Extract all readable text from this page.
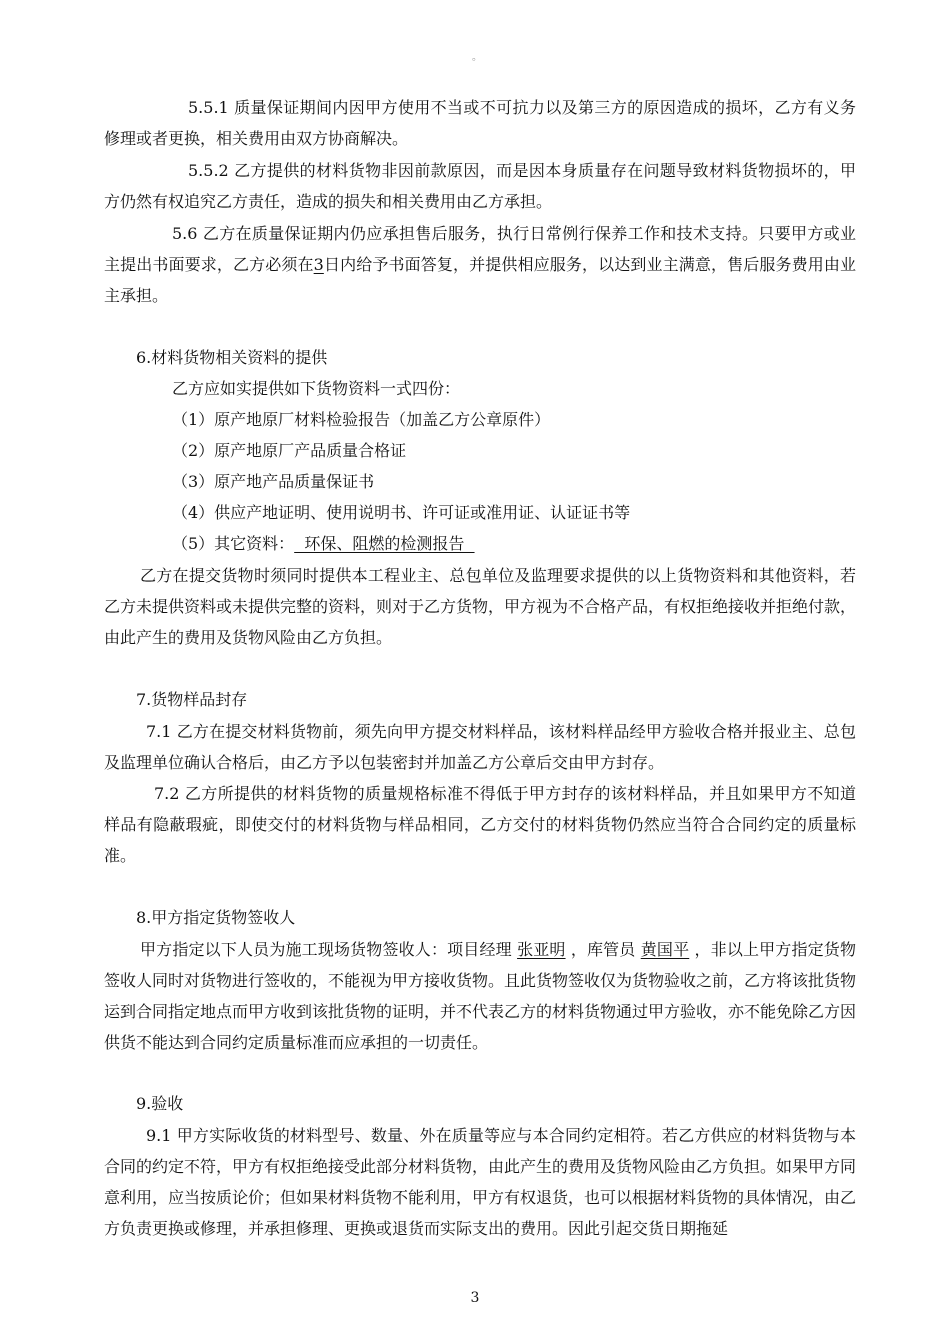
。

5.5.1 质量保证期间内因甲方使用不当或不可抗力以及第三方的原因造成的损坏，乙方有义务修理或者更换，相关费用由双方协商解决。

5.5.2 乙方提供的材料货物非因前款原因，而是因本身质量存在问题导致材料货物损坏的，甲方仍然有权追究乙方责任，造成的损失和相关费用由乙方承担。

5.6 乙方在质量保证期内仍应承担售后服务，执行日常例行保养工作和技术支持。只要甲方或业主提出书面要求，乙方必须在3日内给予书面答复，并提供相应服务，以达到业主满意，售后服务费用由业主承担。

6.材料货物相关资料的提供

乙方应如实提供如下货物资料一式四份：

（1）原产地原厂材料检验报告（加盖乙方公章原件）

（2）原产地原厂产品质量合格证

（3）原产地产品质量保证书

（4）供应产地证明、使用说明书、许可证或准用证、认证证书等

（5）其它资料：  环保、阻燃的检测报告

乙方在提交货物时须同时提供本工程业主、总包单位及监理要求提供的以上货物资料和其他资料，若乙方未提供资料或未提供完整的资料，则对于乙方货物，甲方视为不合格产品，有权拒绝接收并拒绝付款，由此产生的费用及货物风险由乙方负担。

7.货物样品封存

7.1 乙方在提交材料货物前，须先向甲方提交材料样品，该材料样品经甲方验收合格并报业主、总包及监理单位确认合格后，由乙方予以包装密封并加盖乙方公章后交由甲方封存。

7.2 乙方所提供的材料货物的质量规格标准不得低于甲方封存的该材料样品，并且如果甲方不知道样品有隐蔽瑕疵，即使交付的材料货物与样品相同，乙方交付的材料货物仍然应当符合合同约定的质量标准。

8.甲方指定货物签收人

甲方指定以下人员为施工现场货物签收人：项目经理 张亚明 ，库管员 黄国平 ，非以上甲方指定货物签收人同时对货物进行签收的，不能视为甲方接收货物。且此货物签收仅为货物验收之前，乙方将该批货物运到合同指定地点而甲方收到该批货物的证明，并不代表乙方的材料货物通过甲方验收，亦不能免除乙方因供货不能达到合同约定质量标准而应承担的一切责任。

9.验收

9.1 甲方实际收货的材料型号、数量、外在质量等应与本合同约定相符。若乙方供应的材料货物与本合同的约定不符，甲方有权拒绝接受此部分材料货物，由此产生的费用及货物风险由乙方负担。如果甲方同意利用，应当按质论价；但如果材料货物不能利用，甲方有权退货，也可以根据材料货物的具体情况，由乙方负责更换或修理，并承担修理、更换或退货而实际支出的费用。因此引起交货日期拖延

3
